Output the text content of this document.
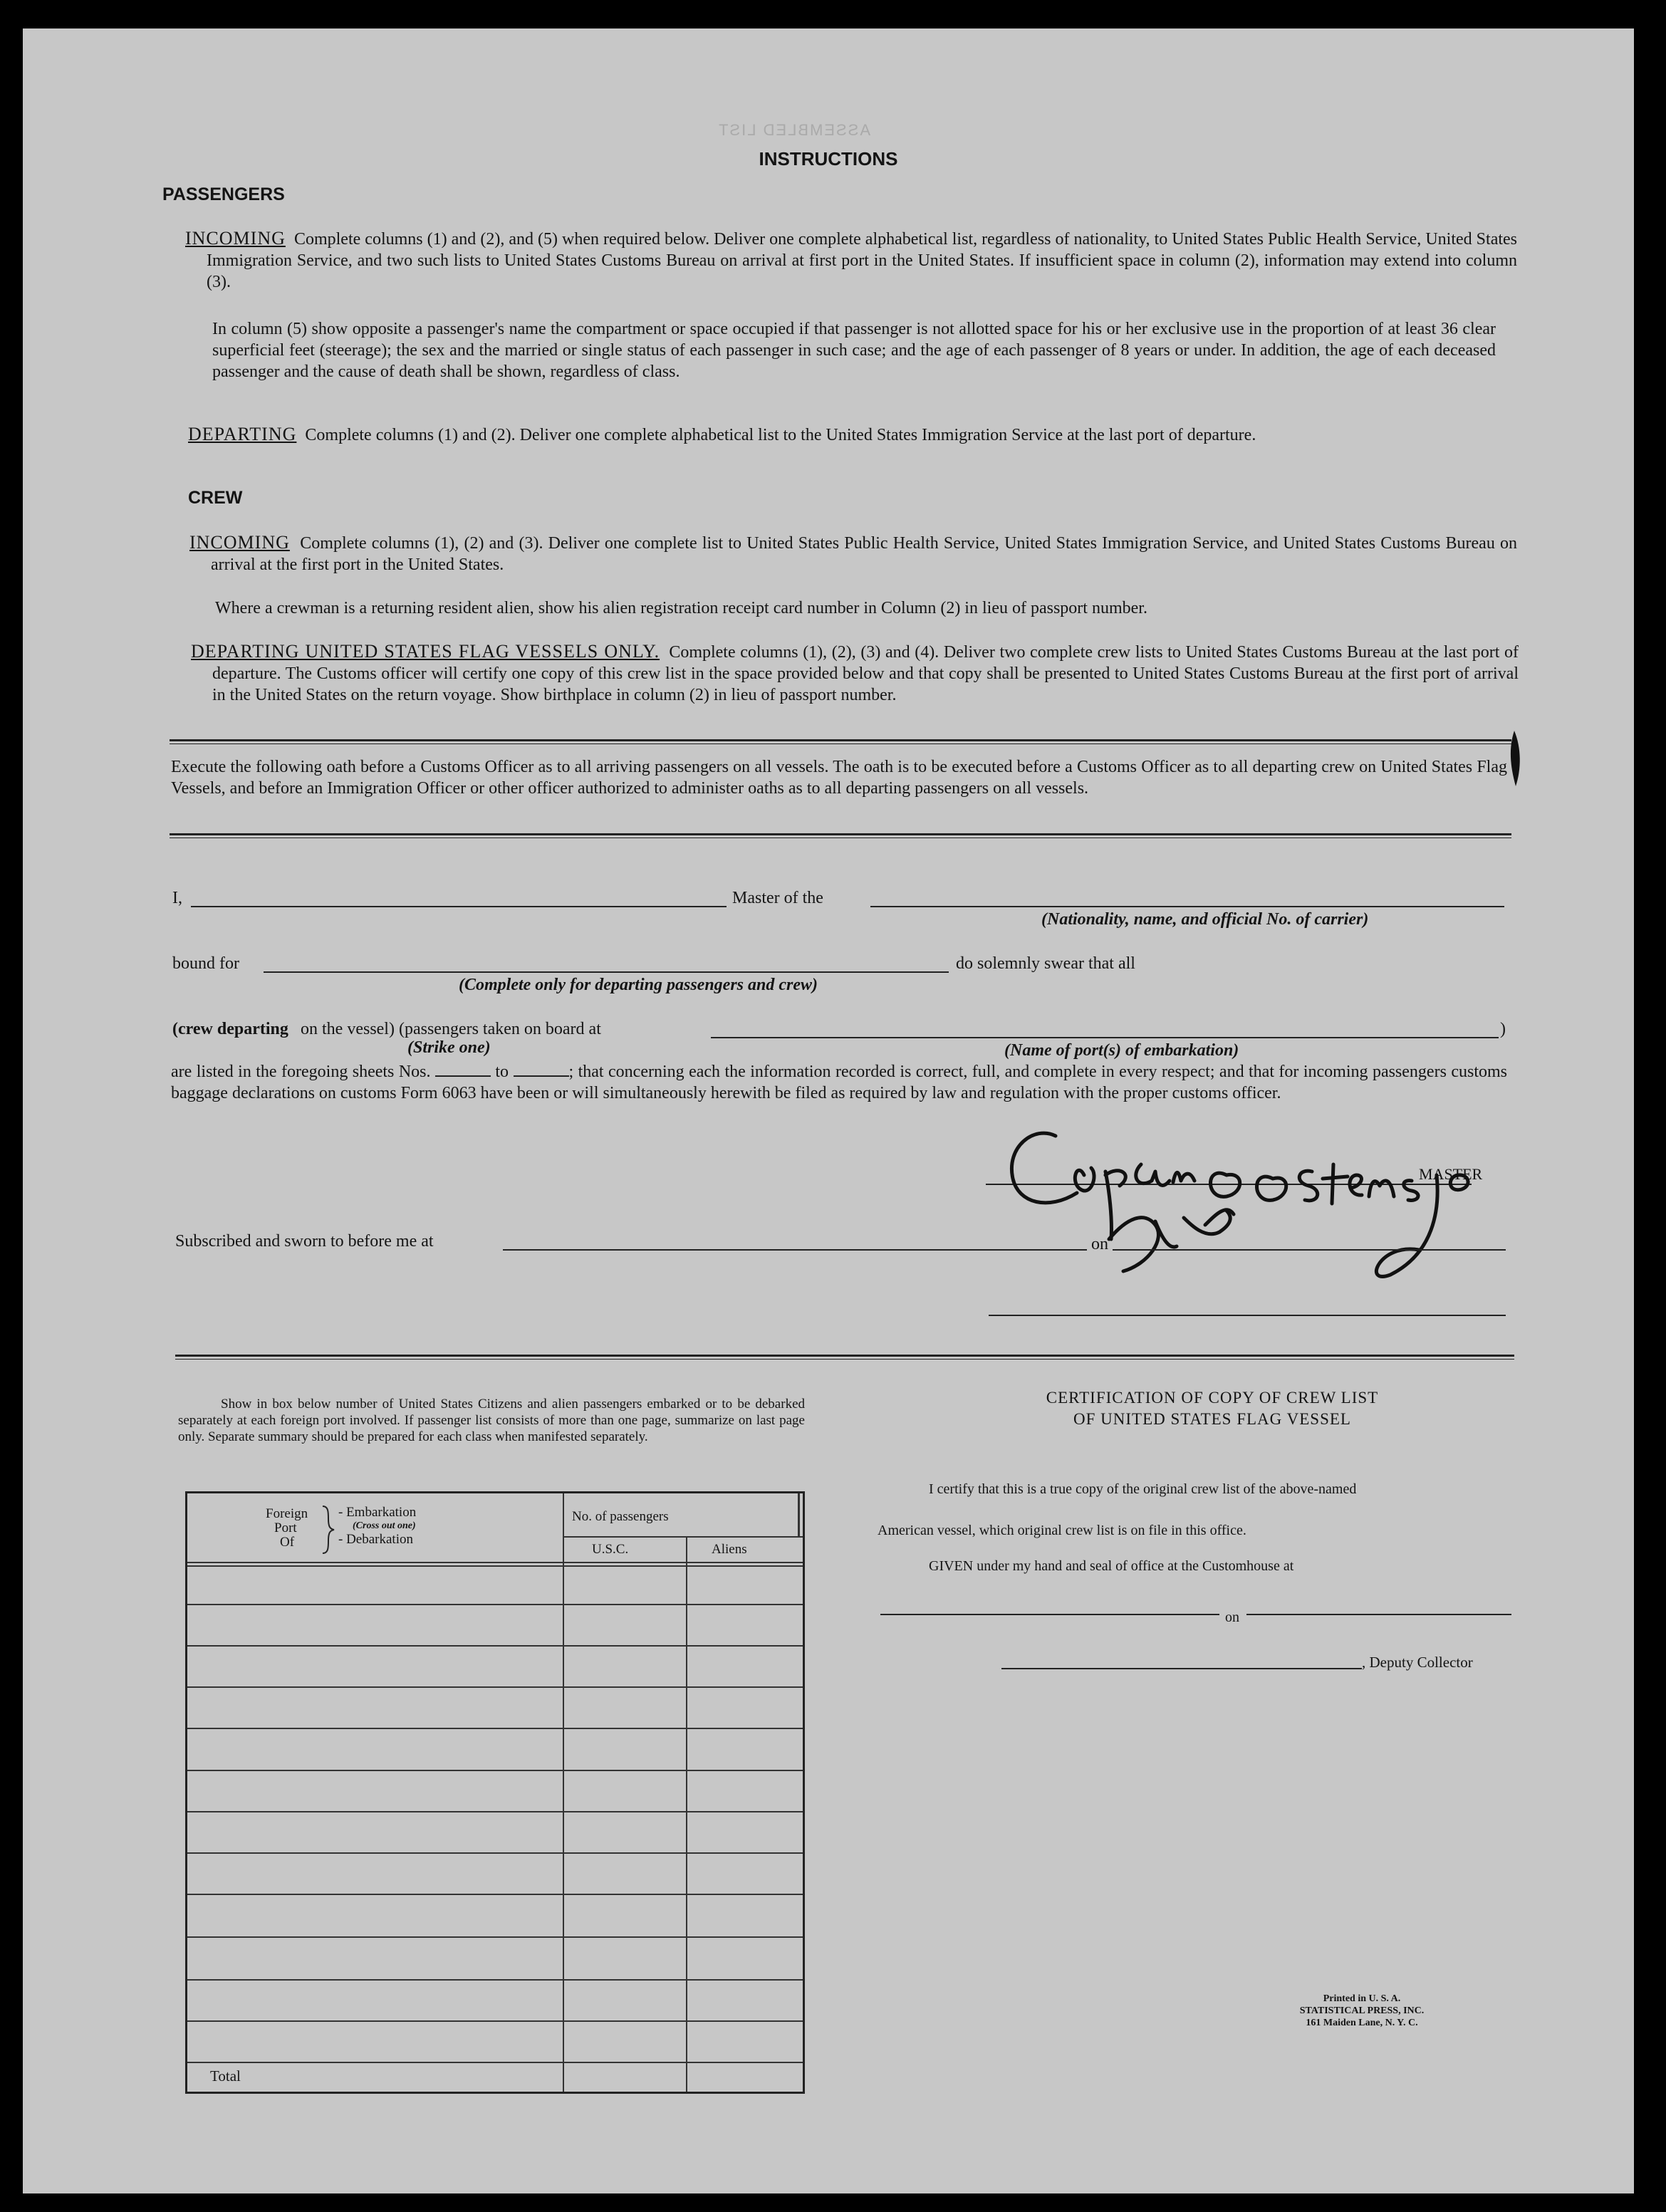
ASSEMBLED LIST
INSTRUCTIONS
PASSENGERS
INCOMING Complete columns (1) and (2), and (5) when required below. Deliver one complete alphabetical list, regardless of nationality, to United States Public Health Service, United States Immigration Service, and two such lists to United States Customs Bureau on arrival at first port in the United States. If insufficient space in column (2), information may extend into column (3).
In column (5) show opposite a passenger's name the compartment or space occupied if that passenger is not allotted space for his or her exclusive use in the proportion of at least 36 clear superficial feet (steerage); the sex and the married or single status of each passenger in such case; and the age of each passenger of 8 years or under. In addition, the age of each deceased passenger and the cause of death shall be shown, regardless of class.
DEPARTING Complete columns (1) and (2). Deliver one complete alphabetical list to the United States Immigration Service at the last port of departure.
CREW
INCOMING Complete columns (1), (2) and (3). Deliver one complete list to United States Public Health Service, United States Immigration Service, and United States Customs Bureau on arrival at the first port in the United States.
Where a crewman is a returning resident alien, show his alien registration receipt card number in Column (2) in lieu of passport number.
DEPARTING UNITED STATES FLAG VESSELS ONLY. Complete columns (1), (2), (3) and (4). Deliver two complete crew lists to United States Customs Bureau at the last port of departure. The Customs officer will certify one copy of this crew list in the space provided below and that copy shall be presented to United States Customs Bureau at the first port of arrival in the United States on the return voyage. Show birthplace in column (2) in lieu of passport number.
Execute the following oath before a Customs Officer as to all arriving passengers on all vessels. The oath is to be executed before a Customs Officer as to all departing crew on United States Flag Vessels, and before an Immigration Officer or other officer authorized to administer oaths as to all departing passengers on all vessels.
I,	Master of the
(Nationality, name, and official No. of carrier)
bound for
(Complete only for departing passengers and crew)
do solemnly swear that all
(crew departing on the vessel) (passengers taken on board at
(Strike one)
)
(Name of port(s) of embarkation)
are listed in the foregoing sheets Nos.	to	; that concerning each the information recorded is correct, full, and complete in every respect; and that for incoming passengers customs baggage declarations on customs Form 6063 have been or will simultaneously herewith be filed as required by law and regulation with the proper customs officer.
MASTER
Subscribed and sworn to before me at	on
Show in box below number of United States Citizens and alien passengers embarked or to be debarked separately at each foreign port involved. If passenger list consists of more than one page, summarize on last page only. Separate summary should be prepared for each class when manifested separately.
Foreign
Port
Of
- Embarkation
(Cross out one)
- Debarkation
No. of passengers
U.S.C.	Aliens
Total
CERTIFICATION OF COPY OF CREW LIST
OF UNITED STATES FLAG VESSEL
I certify that this is a true copy of the original crew list of the above-named
American vessel, which original crew list is on file in this office.
GIVEN under my hand and seal of office at the Customhouse at
on
, Deputy Collector
Printed in U. S. A.
STATISTICAL PRESS, INC.
161 Maiden Lane, N. Y. C.
